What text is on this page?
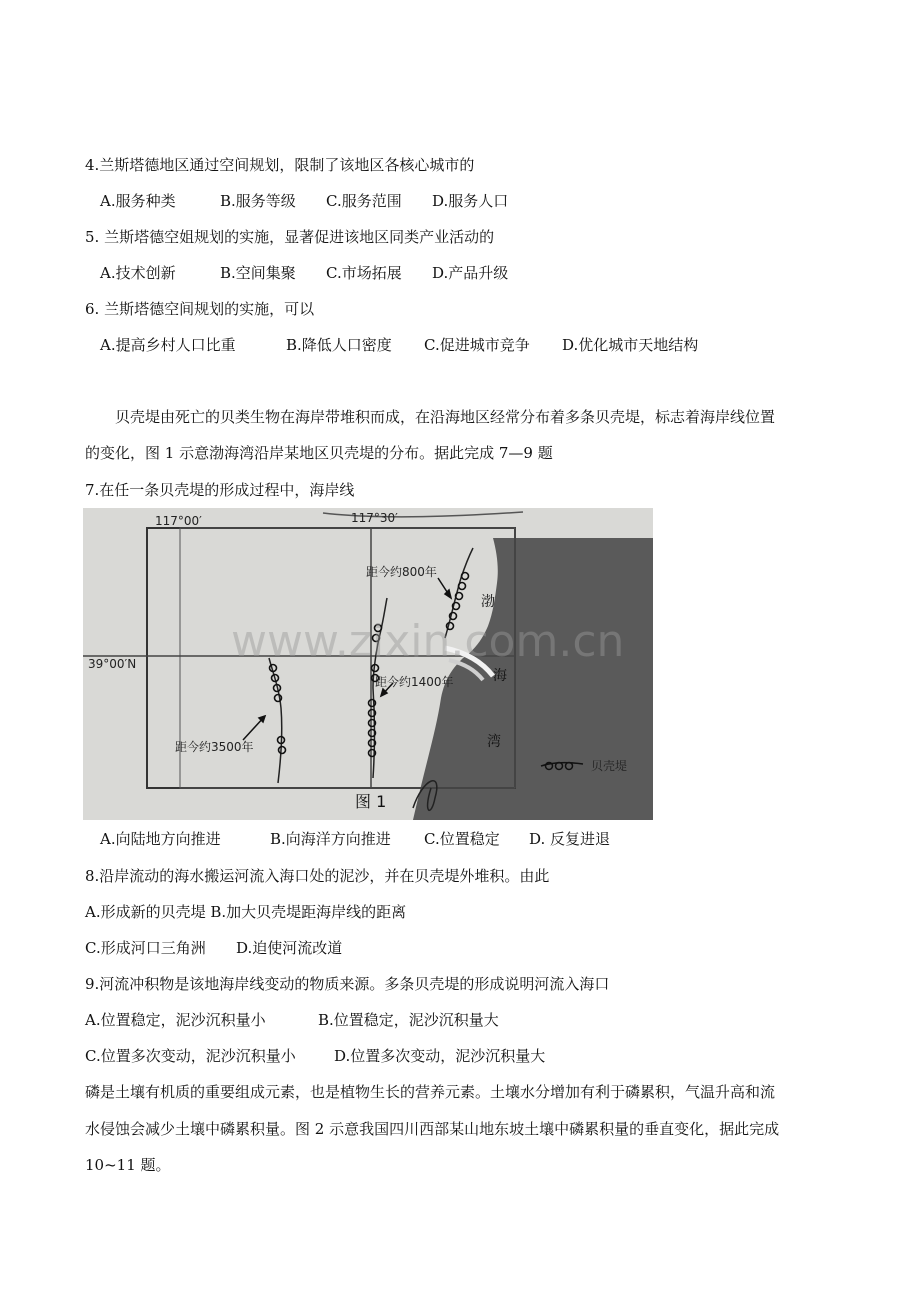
4.兰斯塔德地区通过空间规划，限制了该地区各核心城市的
A.服务种类	B.服务等级 C.服务范围 D.服务人口
5. 兰斯塔德空姐规划的实施，显著促进该地区同类产业活动的
A.技术创新	B.空间集聚 C.市场拓展 D.产品升级
6. 兰斯塔德空间规划的实施，可以
A.提高乡村人口比重	B.降低人口密度 C.促进城市竞争 D.优化城市天地结构
贝壳堤由死亡的贝类生物在海岸带堆积而成，在沿海地区经常分布着多条贝壳堤，标志着海岸线位置
的变化，图 1 示意渤海湾沿岸某地区贝壳堤的分布。据此完成 7—9 题
7.在任一条贝壳堤的形成过程中，海岸线
117°00′	117°30′
39°00′N
距今约800年
距今约1400年
距今约3500年
渤
海
湾
贝壳堤
图 1
www.zixin.com.cn
A.向陆地方向推进	B.向海洋方向推进 C.位置稳定 D. 反复进退
8.沿岸流动的海水搬运河流入海口处的泥沙，并在贝壳堤外堆积。由此
A.形成新的贝壳堤 B.加大贝壳堤距海岸线的距离
C.形成河口三角洲 D.迫使河流改道
9.河流冲积物是该地海岸线变动的物质来源。多条贝壳堤的形成说明河流入海口
A.位置稳定，泥沙沉积量小	B.位置稳定，泥沙沉积量大
C.位置多次变动，泥沙沉积量小	D.位置多次变动，泥沙沉积量大
磷是土壤有机质的重要组成元素，也是植物生长的营养元素。土壤水分增加有利于磷累积，气温升高和流
水侵蚀会减少土壤中磷累积量。图 2 示意我国四川西部某山地东坡土壤中磷累积量的垂直变化，据此完成
10~11 题。
